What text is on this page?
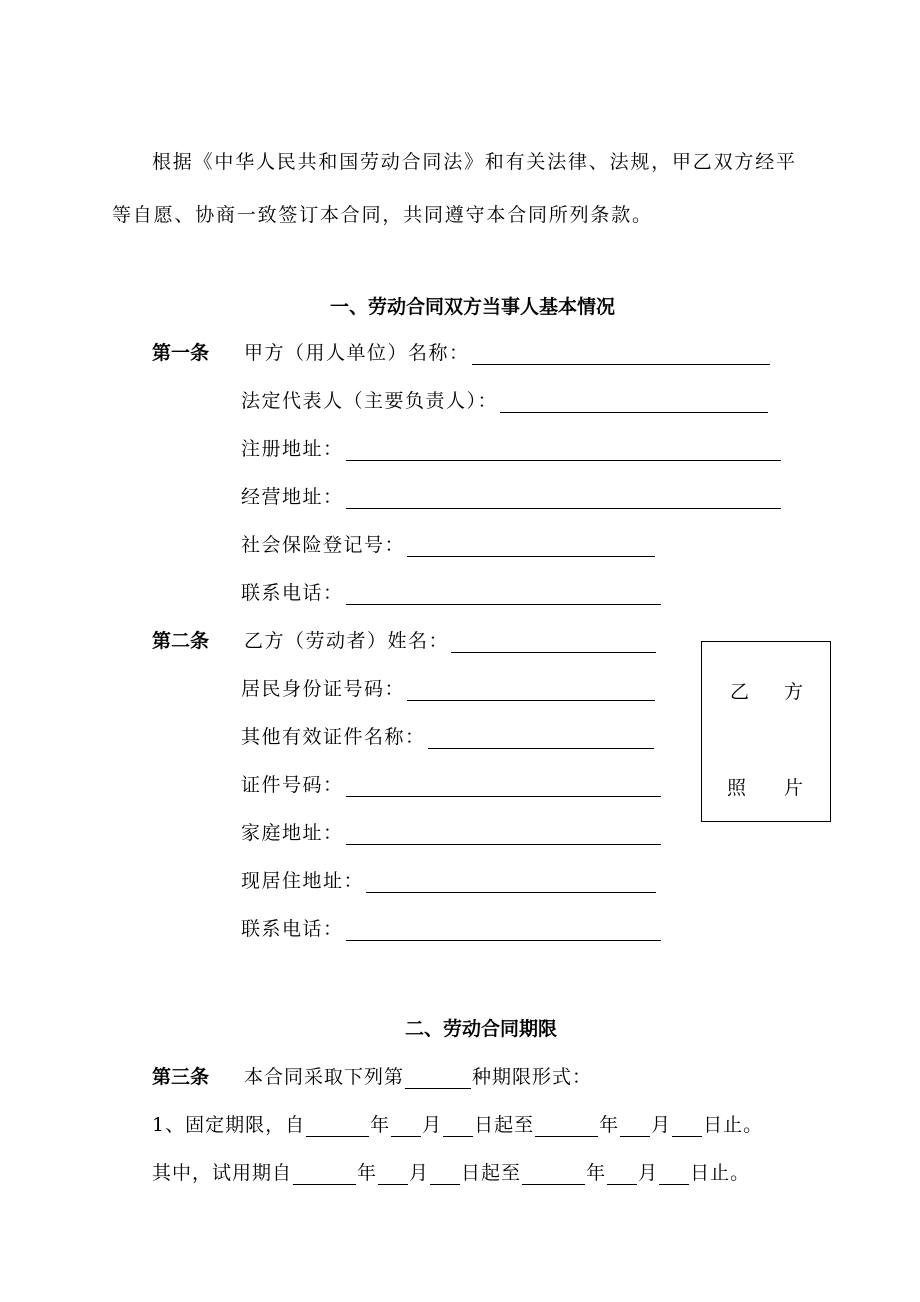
根据《中华人民共和国劳动合同法》和有关法律、法规，甲乙双方经平
等自愿、协商一致签订本合同，共同遵守本合同所列条款。
一、劳动合同双方当事人基本情况
第一条 甲方（用人单位）名称：
法定代表人（主要负责人）：
注册地址：
经营地址：
社会保险登记号：
联系电话：
第二条 乙方（劳动者）姓名：
居民身份证号码：
其他有效证件名称：
证件号码：
家庭地址：
现居住地址：
联系电话：
乙 方
照 片
二、劳动合同期限
第三条 本合同采取下列第	种期限形式：
1、固定期限，自	年 月 日起至	年 月 日止。
其中，试用期自	年 月 日起至	年 月 日止。
